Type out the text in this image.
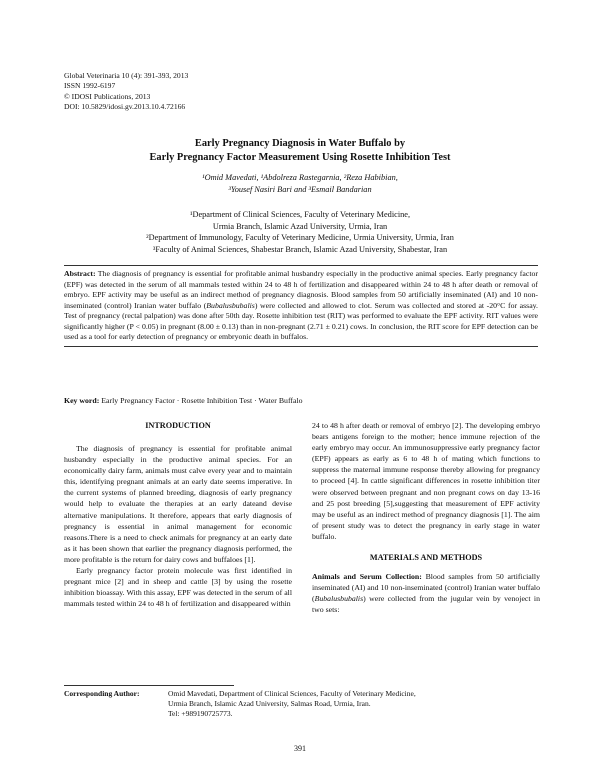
Global Veterinaria 10 (4): 391-393, 2013
ISSN 1992-6197
© IDOSI Publications, 2013
DOI: 10.5829/idosi.gv.2013.10.4.72166
Early Pregnancy Diagnosis in Water Buffalo by
Early Pregnancy Factor Measurement Using Rosette Inhibition Test
¹Omid Mavedati, ¹Abdolreza Rastegarnia, ²Reza Habibian,
³Yousef Nasiri Bari and ³Esmail Bandarian
¹Department of Clinical Sciences, Faculty of Veterinary Medicine,
Urmia Branch, Islamic Azad University, Urmia, Iran
²Department of Immunology, Faculty of Veterinary Medicine, Urmia University, Urmia, Iran
³Faculty of Animal Sciences, Shabestar Branch, Islamic Azad University, Shabestar, Iran

Abstract: The diagnosis of pregnancy is essential for profitable animal husbandry especially in the productive animal species. Early pregnancy factor (EPF) was detected in the serum of all mammals tested within 24 to 48 h of fertilization and disappeared within 24 to 48 h after death or removal of embryo. EPF activity may be useful as an indirect method of pregnancy diagnosis. Blood samples from 50 artificially inseminated (AI) and 10 non-inseminated (control) Iranian water buffalo (Bubalusbubalis) were collected and allowed to clot. Serum was collected and stored at -20°C for assay. Test of pregnancy (rectal palpation) was done after 50th day. Rosette inhibition test (RIT) was performed to evaluate the EPF activity. RIT values were significantly higher (P < 0.05) in pregnant (8.00 ± 0.13) than in non-pregnant (2.71 ± 0.21) cows. In conclusion, the RIT score for EPF detection can be used as a tool for early detection of pregnancy or embryonic death in buffalos.

Key word: Early Pregnancy Factor · Rosette Inhibition Test · Water Buffalo
INTRODUCTION

The diagnosis of pregnancy is essential for profitable animal husbandry especially in the productive animal species. For an economically dairy farm, animals must calve every year and to maintain this, identifying pregnant animals at an early date seems imperative. In the current systems of planned breeding, diagnosis of early pregnancy would help to evaluate the therapies at an early dateand devise alternative manipulations. It therefore, appears that early diagnosis of pregnancy is essential in animal management for economic reasons.There is a need to check animals for pregnancy at an early date as it has been shown that earlier the pregnancy diagnosis performed, the more profitable is the return for dairy cows and buffaloes [1].

Early pregnancy factor protein molecule was first identified in pregnant mice [2] and in sheep and cattle [3] by using the rosette inhibition bioassay. With this assay, EPF was detected in the serum of all mammals tested within 24 to 48 h of fertilization and disappeared within

24 to 48 h after death or removal of embryo [2]. The developing embryo bears antigens foreign to the mother; hence immune rejection of the early embryo may occur. An immunosuppressive early pregnancy factor (EPF) appears as early as 6 to 48 h of mating which functions to suppress the maternal immune response thereby allowing for pregnancy to proceed [4]. In cattle significant differences in rosette inhibition titer were observed between pregnant and non pregnant cows on day 13-16 and 25 post breeding [5],suggesting that measurement of EPF activity may be useful as an indirect method of pregnancy diagnosis [1]. The aim of present study was to detect the pregnancy in early stage in water buffalo.

MATERIALS AND METHODS

Animals and Serum Collection: Blood samples from 50 artificially inseminated (AI) and 10 non-inseminated (control) Iranian water buffalo (Bubalusbubalis) were collected from the jugular vein by venoject in two sets:

Corresponding Author:	Omid Mavedati, Department of Clinical Sciences, Faculty of Veterinary Medicine,
Urmia Branch, Islamic Azad University, Salmas Road, Urmia, Iran.
Tel: +989190725773.
391
